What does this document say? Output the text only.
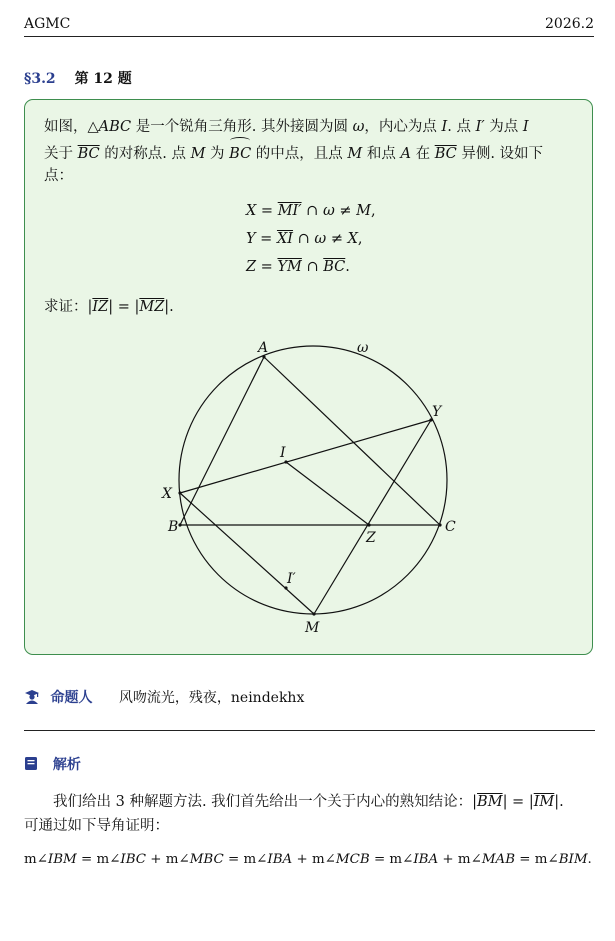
AGMC	2026.2
§3.2 第 12 题
如图，△ABC 是一个锐角三角形. 其外接圆为圆 ω，内心为点 I. 点 I′ 为点 I
关于 $\overline{BC}$ 的对称点. 点 M 为 BC 的中点，且点 M 和点 A 在 $\overline{BC}$ 异侧. 设如下
点：
X = MI′ ∩ ω ≠ M,
$Y = \overline{XI}$ ∩ ω ≠ X,
$Z = \overline{YM}$ ∩ $\overline{BC}$.
求证：$|\overline{IZ}| = |\overline{MZ}|$.
A
B	C
X
Y
Z
I
I′
M
ω
命题人 风吻流光，残夜，neindekhx
解析
我们给出 3 种解题方法. 我们首先给出一个关于内心的熟知结论：$|\overline{BM}| = |\overline{IM}|$.
可通过如下导角证明：
m∠IBM = m∠IBC + m∠MBC = m∠IBA + m∠MCB = m∠IBA + m∠MAB = m∠BIM.
